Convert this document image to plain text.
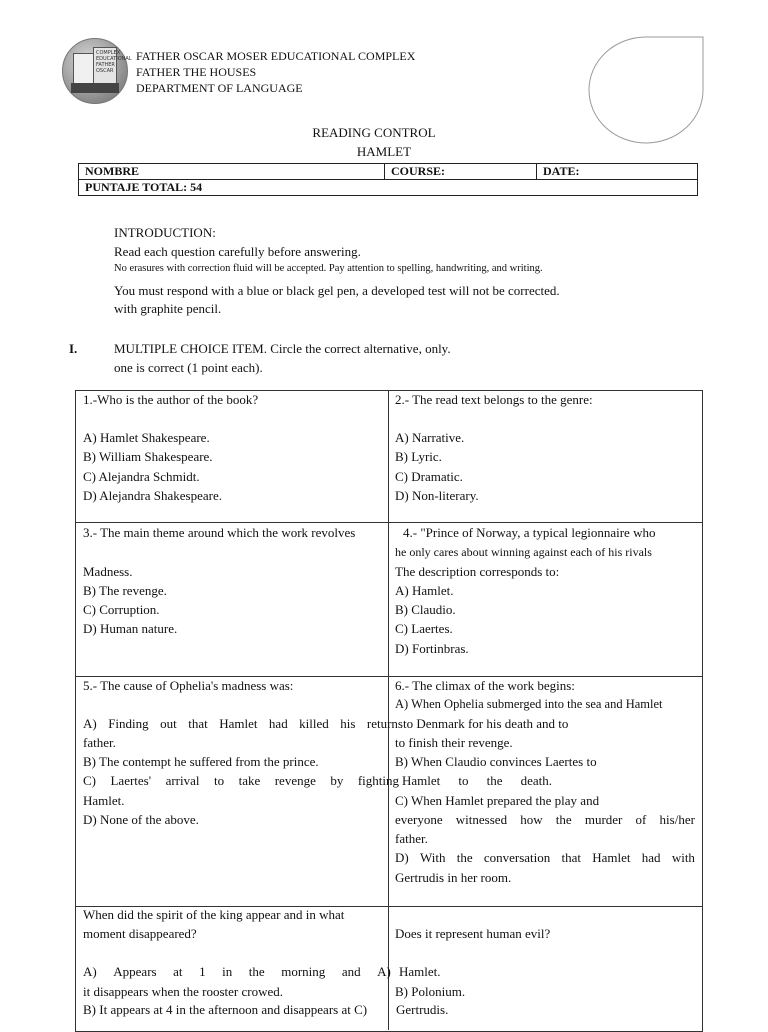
COMPLEX
EDUCATIONAL
FATHER
OSCAR
FATHER OSCAR MOSER EDUCATIONAL COMPLEX
FATHER THE HOUSES
DEPARTMENT OF LANGUAGE
READING CONTROL
HAMLET
NOMBRE	COURSE:	DATE:
PUNTAJE TOTAL: 54
INTRODUCTION:
Read each question carefully before answering.
No erasures with correction fluid will be accepted. Pay attention to spelling, handwriting, and writing.
You must respond with a blue or black gel pen, a developed test will not be corrected.
with graphite pencil.
I.	MULTIPLE CHOICE ITEM. Circle the correct alternative, only.
one is correct (1 point each).
1.-Who is the author of the book?
A) Hamlet Shakespeare.
B) William Shakespeare.
C) Alejandra Schmidt.
D) Alejandra Shakespeare.
2.- The read text belongs to the genre:
A) Narrative.
B) Lyric.
C) Dramatic.
D) Non-literary.
3.- The main theme around which the work revolves
Madness.
B) The revenge.
C) Corruption.
D) Human nature.
4.- "Prince of Norway, a typical legionnaire who
he only cares about winning against each of his rivals
The description corresponds to:
A) Hamlet.
B) Claudio.
C) Laertes.
D) Fortinbras.
5.- The cause of Ophelia's madness was:
A) Finding out that Hamlet had killed his returns
father.
B) The contempt he suffered from the prince.
C) Laertes' arrival to take revenge by fighting
Hamlet.
D) None of the above.
6.- The climax of the work begins:
A) When Ophelia submerged into the sea and Hamlet
to Denmark for his death and to
to finish their revenge.
B) When Claudio convinces Laertes to
Hamlet to the death.
C) When Hamlet prepared the play and
everyone witnessed how the murder of his/her
father.
D) With the conversation that Hamlet had with
Gertrudis in her room.
When did the spirit of the king appear and in what
moment disappeared?
A) Appears at 1 in the morning and A)
it disappears when the rooster crowed.
B) It appears at 4 in the afternoon and disappears at C)
Does it represent human evil?
Hamlet.
B) Polonium.
Gertrudis.
